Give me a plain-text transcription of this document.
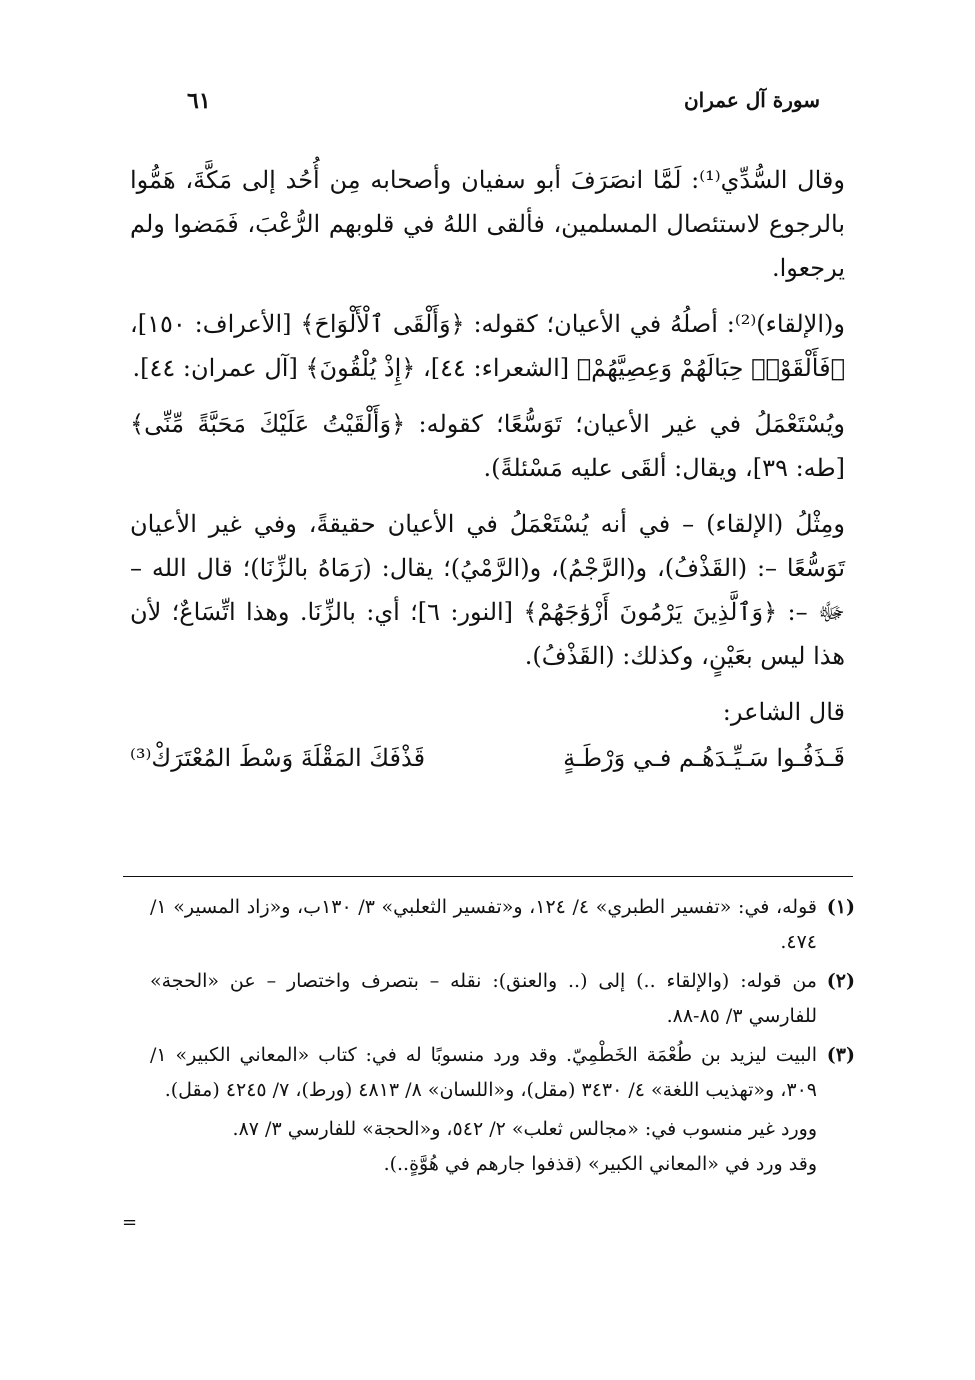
سورة آل عمران
٦١

وقال السُّدِّي⁽¹⁾: لَمَّا انصَرَفَ أبو سفيان وأصحابه مِن أُحُد إلى مَكَّةَ، هَمُّوا بالرجوع لاستئصال المسلمين، فألقى اللهُ في قلوبهم الرُّعْبَ، فَمَضوا ولم يرجعوا.

و(الإلقاء)⁽²⁾: أصلُهُ في الأعيان؛ كقوله: ﴿وَأَلْقَى ٱلْأَلْوَاحَ﴾ [الأعراف: ١٥٠]، ﴿فَأَلْقَوْا۟ حِبَالَهُمْ وَعِصِيَّهُمْ﴾ [الشعراء: ٤٤]، ﴿إِذْ يُلْقُونَ﴾ [آل عمران: ٤٤].

ويُسْتَعْمَلُ في غير الأعيان؛ تَوَسُّعًا؛ كقوله: ﴿وَأَلْقَيْتُ عَلَيْكَ مَحَبَّةً مِّنِّى﴾ [طه: ٣٩]، ويقال: ألقَى عليه مَسْئلةً).

ومِثْلُ (الإلقاء) – في أنه يُسْتَعْمَلُ في الأعيان حقيقةً، وفي غير الأعيان تَوَسُّعًا –: (القَذْفُ)، و(الرَّجْمُ)، و(الرَّمْيُ)؛ يقال: (رَمَاهُ بالزِّنَا)؛ قال الله – ﷻ –: ﴿وَٱلَّذِينَ يَرْمُونَ أَزْوَٰجَهُمْ﴾ [النور: ٦]؛ أي: بالزِّنَا. وهذا اتِّسَاعٌ؛ لأن هذا ليس بعَيْنٍ، وكذلك: (القَذْفُ).

قال الشاعر:

قَـذَفُـوا سَـيِّـدَهُـم فـي وَرْطَـةٍ
قَذْفَكَ المَقْلَةَ وَسْطَ المُعْتَرَكْ⁽³⁾
(١)
قوله، في: «تفسير الطبري» ٤/ ١٢٤، و«تفسير الثعلبي» ٣/ ١٣٠ب، و«زاد المسير» ١/ ٤٧٤.
(٢)
من قوله: (والإلقاء ..) إلى (.. والعنق): نقله – بتصرف واختصار – عن «الحجة» للفارسي ٣/ ٨٥-٨٨.
(٣)
البيت ليزيد بن طُعْمَة الخَطْمِيّ. وقد ورد منسوبًا له في: كتاب «المعاني الكبير» ١/ ٣٠٩، و«تهذيب اللغة» ٤/ ٣٤٣٠ (مقل)، و«اللسان» ٨/ ٤٨١٣ (ورط)، ٧/ ٤٢٤٥ (مقل).
وورد غير منسوب في: «مجالس ثعلب» ٢/ ٥٤٢، و«الحجة» للفارسي ٣/ ٨٧.
وقد ورد في «المعاني الكبير» (قذفوا جارهم في هُوَّةٍ..).
=
